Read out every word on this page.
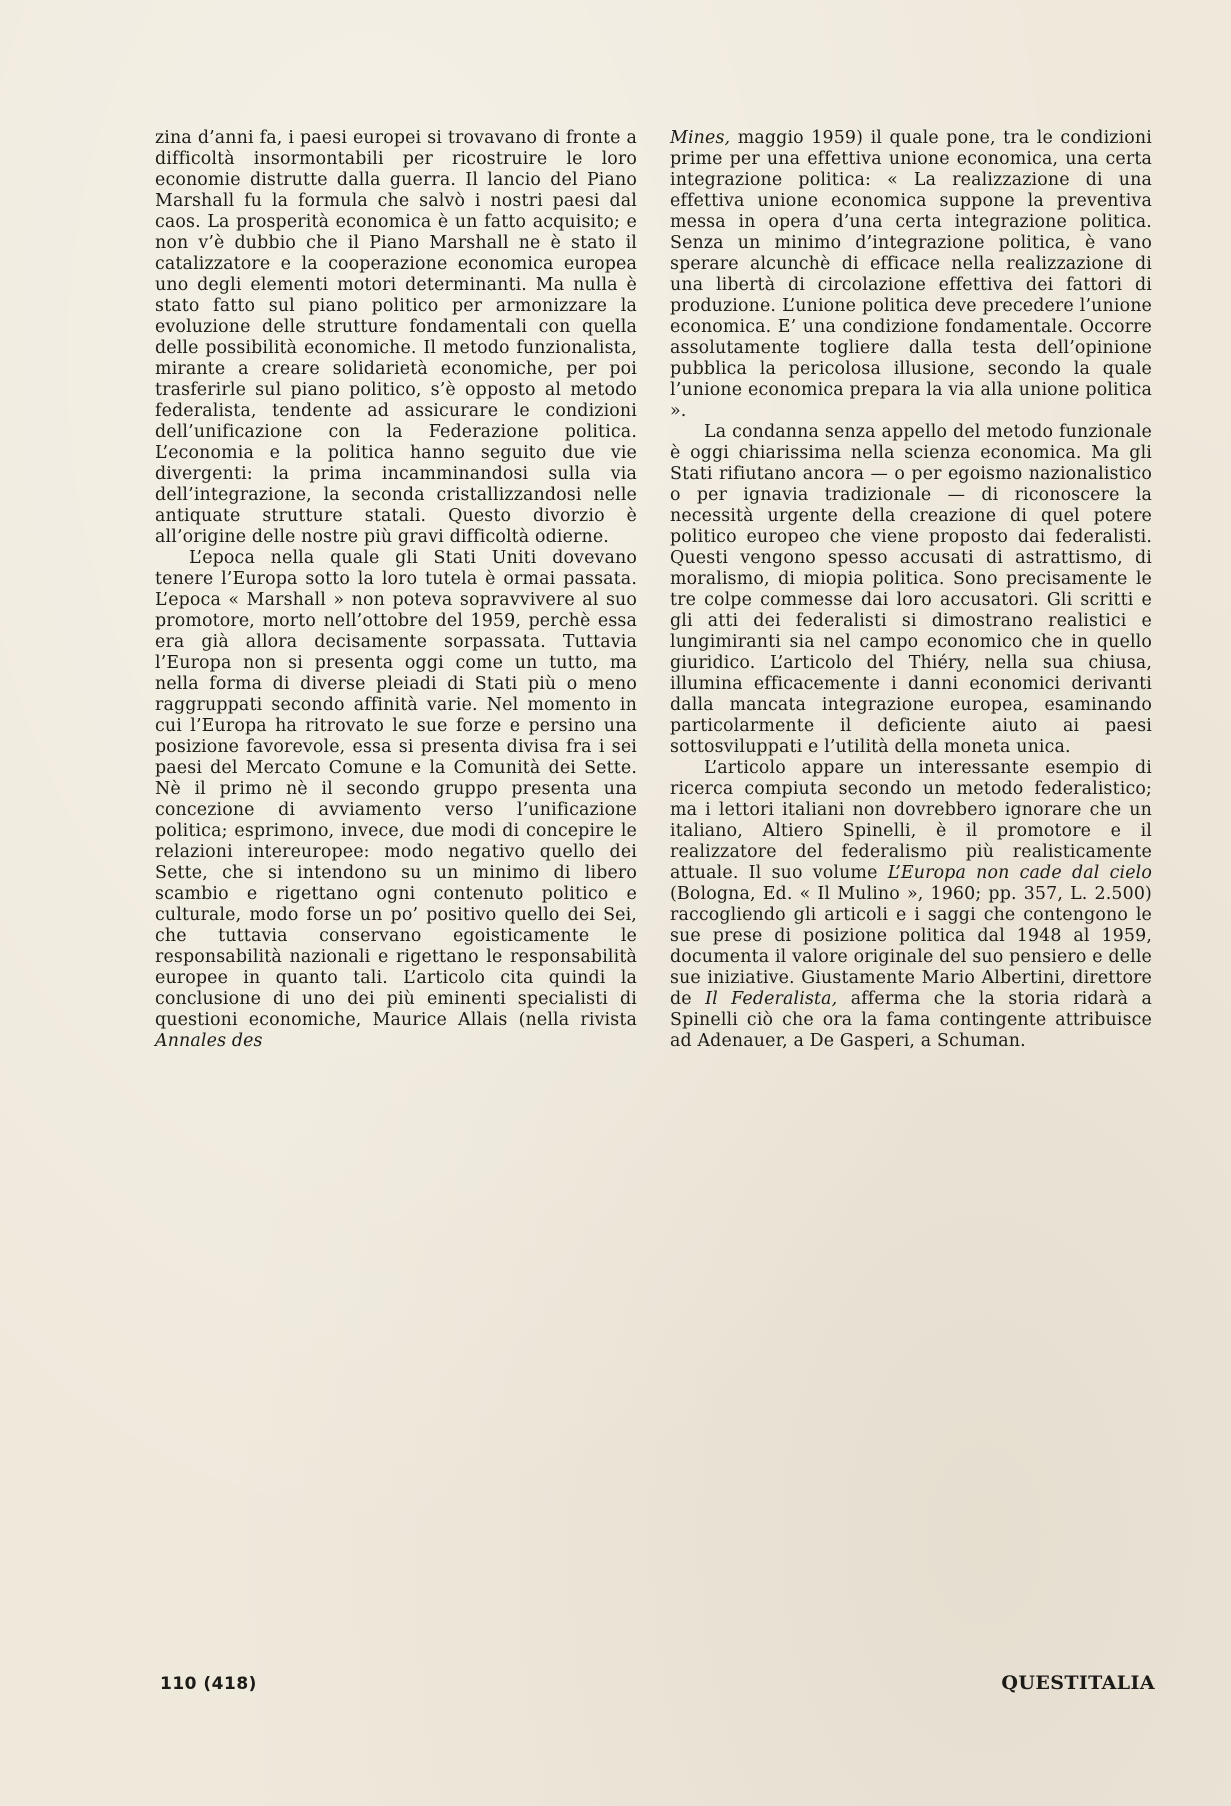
zina d’anni fa, i paesi europei si trovavano di fronte a difficoltà insormontabili per ricostruire le loro economie distrutte dalla guerra. Il lancio del Piano Marshall fu la formula che salvò i nostri paesi dal caos. La prosperità economica è un fatto acquisito; e non v’è dubbio che il Piano Marshall ne è stato il catalizzatore e la cooperazione economica europea uno degli elementi motori determinanti. Ma nulla è stato fatto sul piano politico per armonizzare la evoluzione delle strutture fondamentali con quella delle possibilità economiche. Il metodo funzionalista, mirante a creare solidarietà economiche, per poi trasferirle sul piano politico, s’è opposto al metodo federalista, tendente ad assicurare le condizioni dell’unificazione con la Federazione politica. L’economia e la politica hanno seguito due vie divergenti: la prima incamminandosi sulla via dell’integrazione, la seconda cristallizzandosi nelle antiquate strutture statali. Questo divorzio è all’origine delle nostre più gravi difficoltà odierne.

L’epoca nella quale gli Stati Uniti dovevano tenere l’Europa sotto la loro tutela è ormai passata. L’epoca « Marshall » non poteva sopravvivere al suo promotore, morto nell’ottobre del 1959, perchè essa era già allora decisamente sorpassata. Tuttavia l’Europa non si presenta oggi come un tutto, ma nella forma di diverse pleiadi di Stati più o meno raggruppati secondo affinità varie. Nel momento in cui l’Europa ha ritrovato le sue forze e persino una posizione favorevole, essa si presenta divisa fra i sei paesi del Mercato Comune e la Comunità dei Sette. Nè il primo nè il secondo gruppo presenta una concezione di avviamento verso l’unificazione politica; esprimono, invece, due modi di concepire le relazioni intereuropee: modo negativo quello dei Sette, che si intendono su un minimo di libero scambio e rigettano ogni contenuto politico e culturale, modo forse un po’ positivo quello dei Sei, che tuttavia conservano egoisticamente le responsabilità nazionali e rigettano le responsabilità europee in quanto tali. L’articolo cita quindi la conclusione di uno dei più eminenti specialisti di questioni economiche, Maurice Allais (nella rivista Annales des

Mines, maggio 1959) il quale pone, tra le condizioni prime per una effettiva unione economica, una certa integrazione politica: « La realizzazione di una effettiva unione economica suppone la preventiva messa in opera d’una certa integrazione politica. Senza un minimo d’integrazione politica, è vano sperare alcunchè di efficace nella realizzazione di una libertà di circolazione effettiva dei fattori di produzione. L’unione politica deve precedere l’unione economica. E’ una condizione fondamentale. Occorre assolutamente togliere dalla testa dell’opinione pubblica la pericolosa illusione, secondo la quale l’unione economica prepara la via alla unione politica ».

La condanna senza appello del metodo funzionale è oggi chiarissima nella scienza economica. Ma gli Stati rifiutano ancora — o per egoismo nazionalistico o per ignavia tradizionale — di riconoscere la necessità urgente della creazione di quel potere politico europeo che viene proposto dai federalisti. Questi vengono spesso accusati di astrattismo, di moralismo, di miopia politica. Sono precisamente le tre colpe commesse dai loro accusatori. Gli scritti e gli atti dei federalisti si dimostrano realistici e lungimiranti sia nel campo economico che in quello giuridico. L’articolo del Thiéry, nella sua chiusa, illumina efficacemente i danni economici derivanti dalla mancata integrazione europea, esaminando particolarmente il deficiente aiuto ai paesi sottosviluppati e l’utilità della moneta unica.

L’articolo appare un interessante esempio di ricerca compiuta secondo un metodo federalistico; ma i lettori italiani non dovrebbero ignorare che un italiano, Altiero Spinelli, è il promotore e il realizzatore del federalismo più realisticamente attuale. Il suo volume L’Europa non cade dal cielo (Bologna, Ed. « Il Mulino », 1960; pp. 357, L. 2.500) raccogliendo gli articoli e i saggi che contengono le sue prese di posizione politica dal 1948 al 1959, documenta il valore originale del suo pensiero e delle sue iniziative. Giustamente Mario Albertini, direttore de Il Federalista, afferma che la storia ridarà a Spinelli ciò che ora la fama contingente attribuisce ad Adenauer, a De Gasperi, a Schuman.

110 (418)	QUESTITALIA
